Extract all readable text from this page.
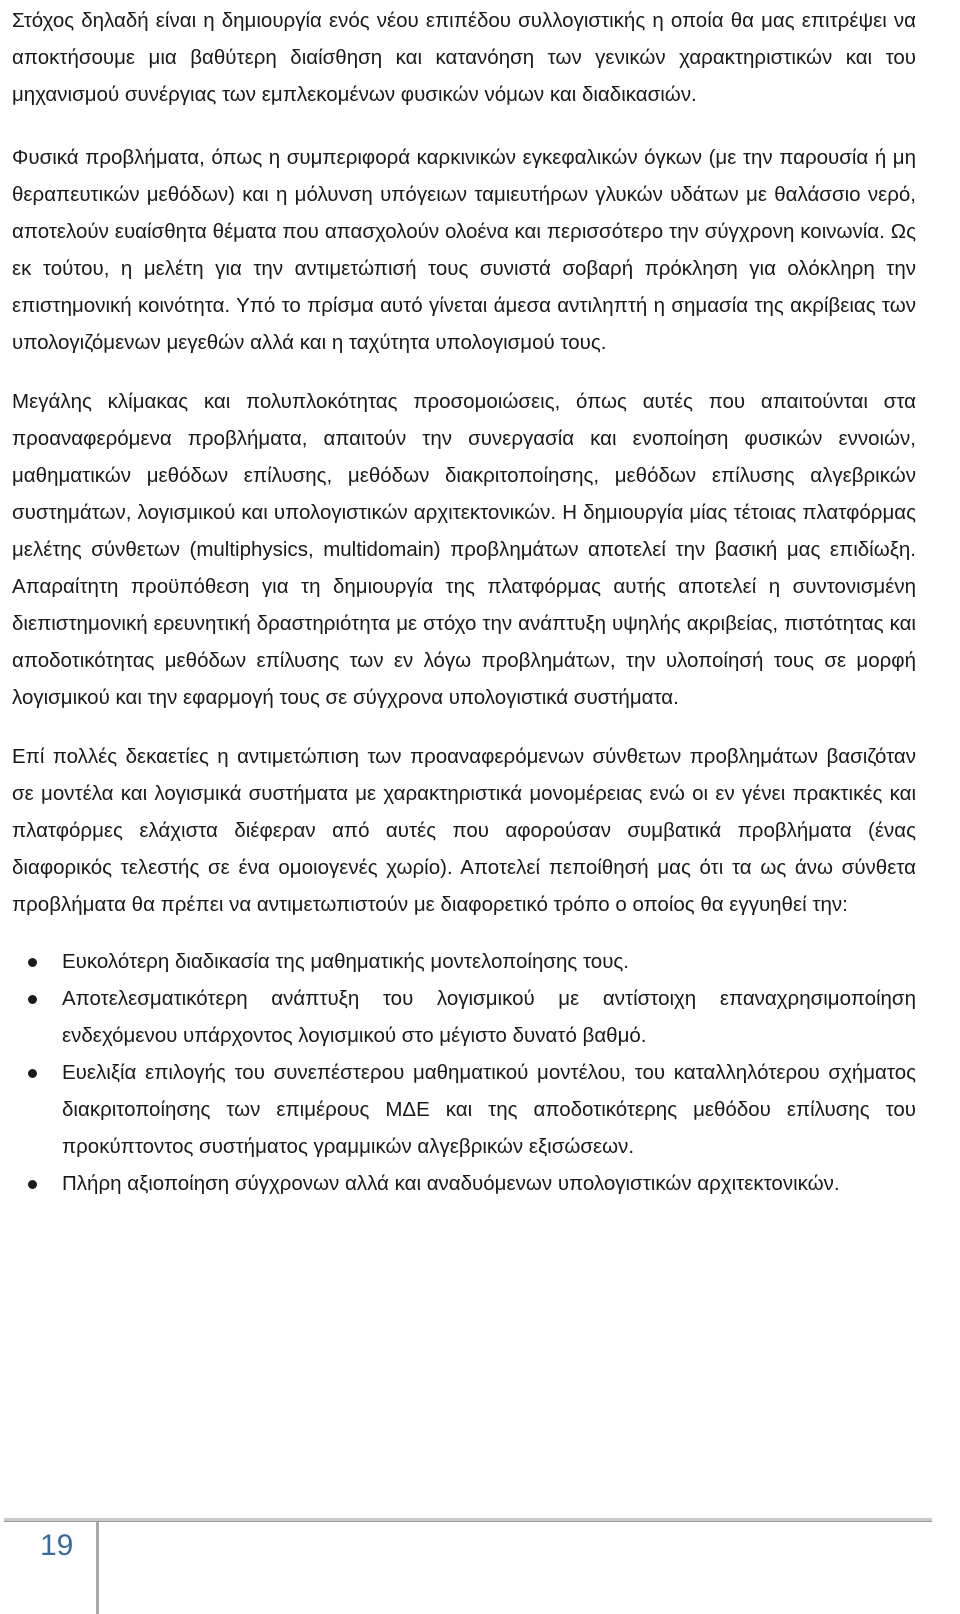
Στόχος δηλαδή είναι η δημιουργία ενός νέου επιπέδου συλλογιστικής η οποία θα μας επιτρέψει να αποκτήσουμε μια βαθύτερη διαίσθηση και κατανόηση των γενικών χαρακτηριστικών και του μηχανισμού συνέργιας των εμπλεκομένων φυσικών νόμων και διαδικασιών.

Φυσικά προβλήματα, όπως η συμπεριφορά καρκινικών εγκεφαλικών όγκων (με την παρουσία ή μη θεραπευτικών μεθόδων) και η μόλυνση υπόγειων ταμιευτήρων γλυκών υδάτων με θαλάσσιο νερό, αποτελούν ευαίσθητα θέματα που απασχολούν ολοένα και περισσότερο την σύγχρονη κοινωνία. Ως εκ τούτου, η μελέτη για την αντιμετώπισή τους συνιστά σοβαρή πρόκληση για ολόκληρη την επιστημονική κοινότητα. Υπό το πρίσμα αυτό γίνεται άμεσα αντιληπτή η σημασία της ακρίβειας των υπολογιζόμενων μεγεθών αλλά και η ταχύτητα υπολογισμού τους.

Μεγάλης κλίμακας και πολυπλοκότητας προσομοιώσεις, όπως αυτές που απαιτούνται στα προαναφερόμενα προβλήματα, απαιτούν την συνεργασία και ενοποίηση φυσικών εννοιών, μαθηματικών μεθόδων επίλυσης, μεθόδων διακριτοποίησης, μεθόδων επίλυσης αλγεβρικών συστημάτων, λογισμικού και υπολογιστικών αρχιτεκτονικών. Η δημιουργία μίας τέτοιας πλατφόρμας μελέτης σύνθετων (multiphysics, multidomain) προβλημάτων αποτελεί την βασική μας επιδίωξη. Απαραίτητη προϋπόθεση για τη δημιουργία της πλατφόρμας αυτής αποτελεί η συντονισμένη διεπιστημονική ερευνητική δραστηριότητα με στόχο την ανάπτυξη υψηλής ακριβείας, πιστότητας και αποδοτικότητας μεθόδων επίλυσης των εν λόγω προβλημάτων, την υλοποίησή τους σε μορφή λογισμικού και την εφαρμογή τους σε σύγχρονα υπολογιστικά συστήματα.

Επί πολλές δεκαετίες η αντιμετώπιση των προαναφερόμενων σύνθετων προβλημάτων βασιζόταν σε μοντέλα και λογισμικά συστήματα με χαρακτηριστικά μονομέρειας ενώ οι εν γένει πρακτικές και πλατφόρμες ελάχιστα διέφεραν από αυτές που αφορούσαν συμβατικά προβλήματα (ένας διαφορικός τελεστής σε ένα ομοιογενές χωρίο). Αποτελεί πεποίθησή μας ότι τα ως άνω σύνθετα προβλήματα θα πρέπει να αντιμετωπιστούν με διαφορετικό τρόπο ο οποίος θα εγγυηθεί την:

Ευκολότερη διαδικασία της μαθηματικής μοντελοποίησης τους.
Αποτελεσματικότερη ανάπτυξη του λογισμικού με αντίστοιχη επαναχρησιμοποίηση ενδεχόμενου υπάρχοντος λογισμικού στο μέγιστο δυνατό βαθμό.
Ευελιξία επιλογής του συνεπέστερου μαθηματικού μοντέλου, του καταλληλότερου σχήματος διακριτοποίησης των επιμέρους ΜΔΕ και της αποδοτικότερης μεθόδου επίλυσης του προκύπτοντος συστήματος γραμμικών αλγεβρικών εξισώσεων.
Πλήρη αξιοποίηση σύγχρονων αλλά και αναδυόμενων υπολογιστικών αρχιτεκτονικών.
19
